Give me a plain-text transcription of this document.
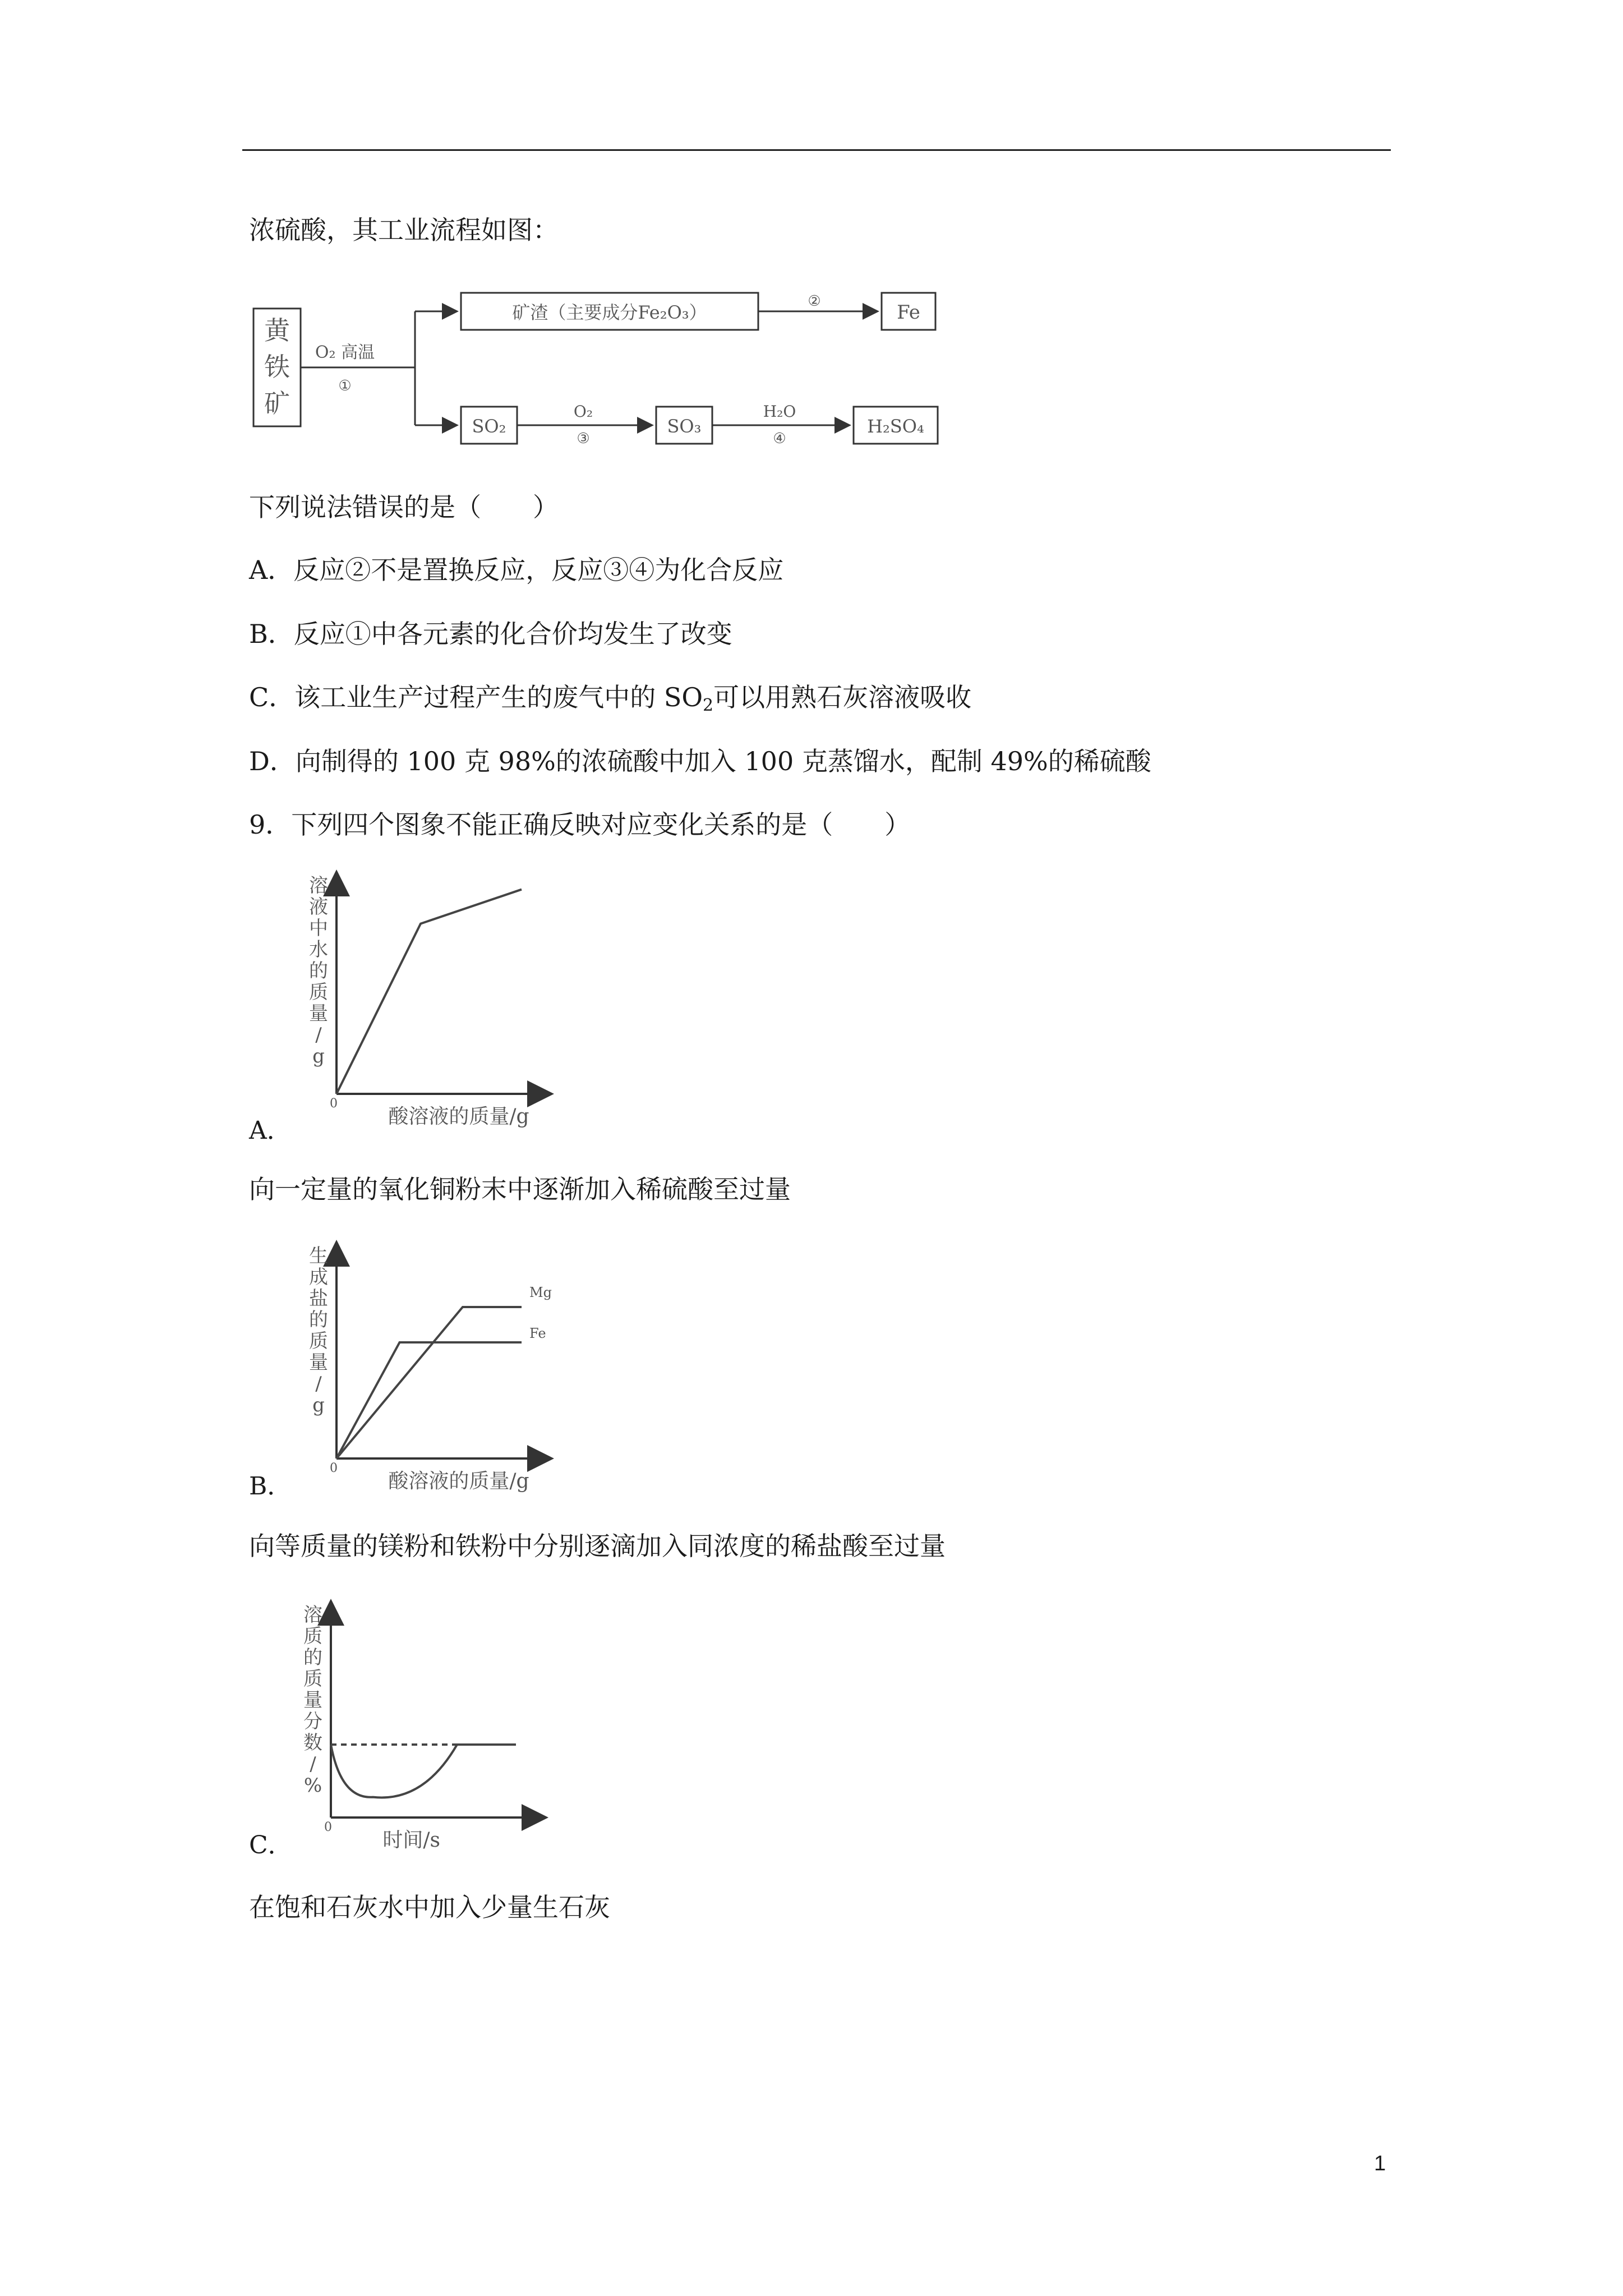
浓硫酸，其工业流程如图：
黄
铁
矿
O₂ 高温
①
矿渣（主要成分Fe₂O₃）
②	Fe
SO₂
O₂
③
SO₃
H₂O
④
H₂SO₄
下列说法错误的是（　　）
A．反应②不是置换反应，反应③④为化合反应
B．反应①中各元素的化合价均发生了改变
C．该工业生产过程产生的废气中的 $SO_2$可以用熟石灰溶液吸收
D．向制得的 100 克 98%的浓硫酸中加入 100 克蒸馏水，配制 49%的稀硫酸
9．下列四个图象不能正确反映对应变化关系的是（　　）
0
溶
液
中
水
的
质
量
/
g
酸溶液的质量/g
A．
向一定量的氧化铜粉末中逐渐加入稀硫酸至过量
0
生
成
盐
的
质
量
/
g
酸溶液的质量/g
Mg
Fe
B．
向等质量的镁粉和铁粉中分别逐滴加入同浓度的稀盐酸至过量
0
溶
质
的
质
量
分
数
/
%
时间/s
C．
在饱和石灰水中加入少量生石灰
1
